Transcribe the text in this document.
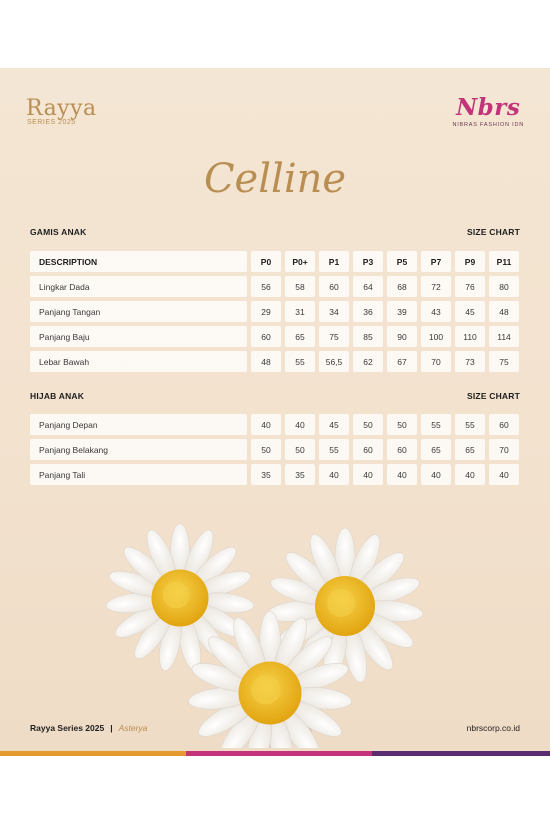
Rayya
SERIES 2025
Nbrs
NIBRAS FASHION IDN
Celline
GAMIS ANAK	SIZE CHART
DESCRIPTION	P0	P0+	P1	P3	P5	P7	P9	P11
Lingkar Dada	56	58	60	64	68	72	76	80
Panjang Tangan	29	31	34	36	39	43	45	48
Panjang Baju	60	65	75	85	90	100	110	114
Lebar Bawah	48	55	56,5	62	67	70	73	75
HIJAB ANAK	SIZE CHART
Panjang Depan	40	40	45	50	50	55	55	60
Panjang Belakang	50	50	55	60	60	65	65	70
Panjang Tali	35	35	40	40	40	40	40	40
Rayya Series 2025 | Asterya	nbrscorp.co.id
